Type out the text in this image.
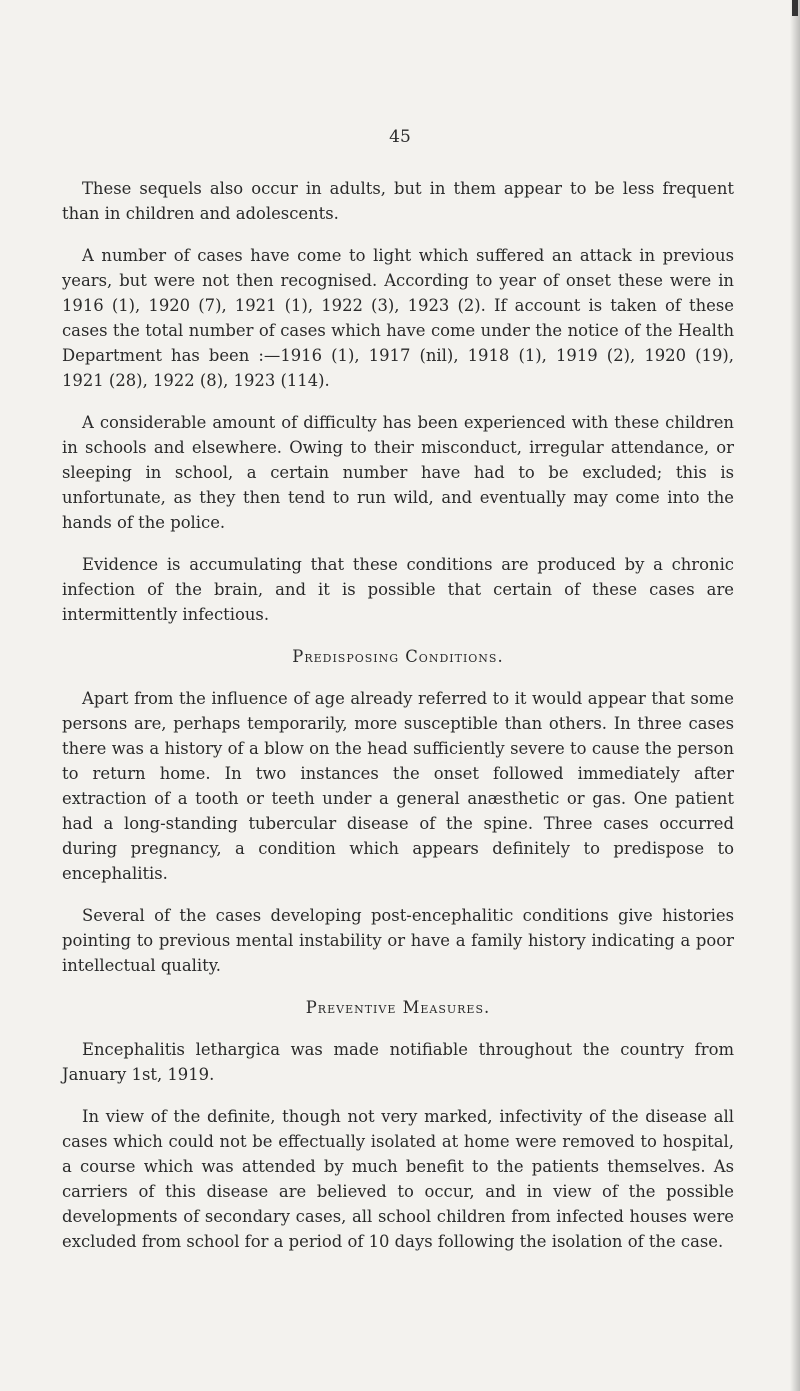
45

These sequels also occur in adults, but in them appear to be less frequent than in children and adolescents.

A number of cases have come to light which suffered an attack in previous years, but were not then recognised. According to year of onset these were in 1916 (1), 1920 (7), 1921 (1), 1922 (3), 1923 (2). If account is taken of these cases the total number of cases which have come under the notice of the Health Department has been :—1916 (1), 1917 (nil), 1918 (1), 1919 (2), 1920 (19), 1921 (28), 1922 (8), 1923 (114).

A considerable amount of difficulty has been experienced with these children in schools and elsewhere. Owing to their misconduct, irregular attendance, or sleeping in school, a certain number have had to be excluded; this is unfortunate, as they then tend to run wild, and eventually may come into the hands of the police.

Evidence is accumulating that these conditions are produced by a chronic infection of the brain, and it is possible that certain of these cases are intermittently infectious.

Predisposing Conditions.

Apart from the influence of age already referred to it would appear that some persons are, perhaps temporarily, more susceptible than others. In three cases there was a history of a blow on the head sufficiently severe to cause the person to return home. In two instances the onset followed immediately after extraction of a tooth or teeth under a general anæsthetic or gas. One patient had a long-standing tubercular disease of the spine. Three cases occurred during pregnancy, a condition which appears definitely to predispose to encephalitis.

Several of the cases developing post-encephalitic conditions give histories pointing to previous mental instability or have a family history indicating a poor intellectual quality.

Preventive Measures.

Encephalitis lethargica was made notifiable throughout the country from January 1st, 1919.

In view of the definite, though not very marked, infectivity of the disease all cases which could not be effectually isolated at home were removed to hospital, a course which was attended by much benefit to the patients themselves. As carriers of this disease are believed to occur, and in view of the possible developments of secondary cases, all school children from infected houses were excluded from school for a period of 10 days following the isolation of the case.
